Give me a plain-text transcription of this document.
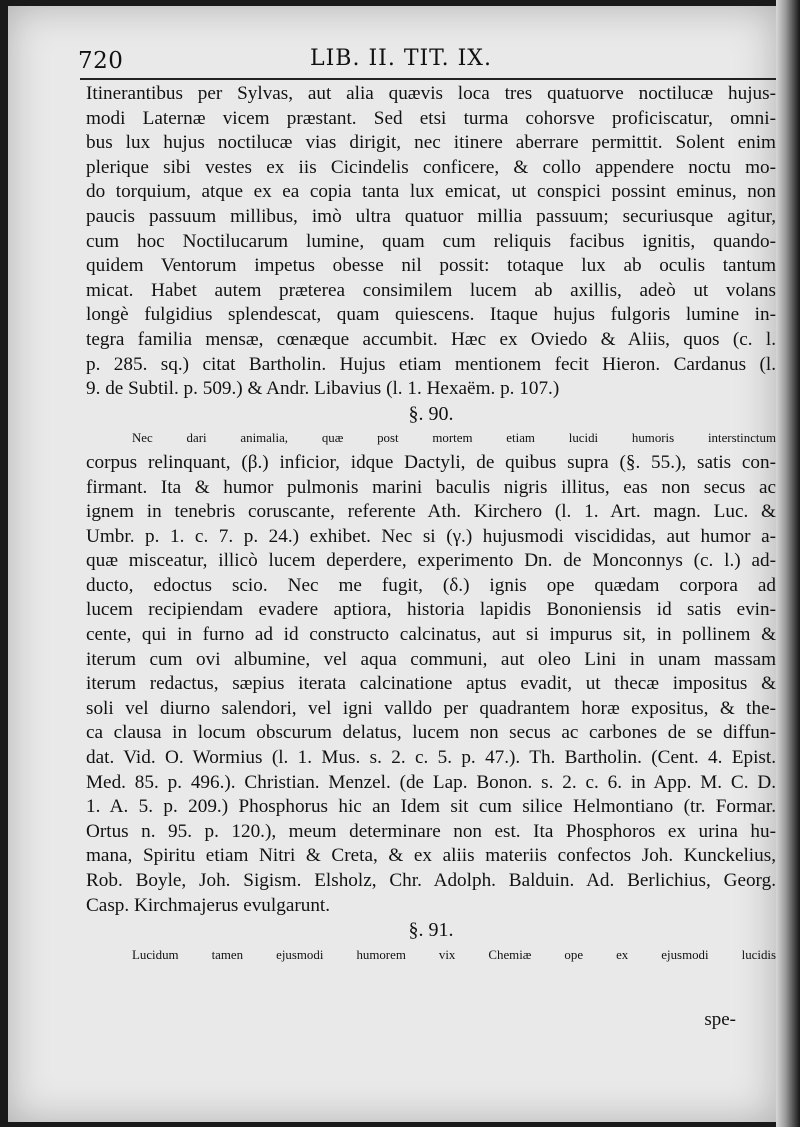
720	LIB. II. TIT. IX.
Itinerantibus per Sylvas, aut alia quævis loca tres quatuorve noctilucæ hujus-
modi Laternæ vicem præstant. Sed etsi turma cohorsve proficiscatur, omni-
bus lux hujus noctilucæ vias dirigit, nec itinere aberrare permittit. Solent enim
plerique sibi vestes ex iis Cicindelis conficere, & collo appendere noctu mo-
do torquium, atque ex ea copia tanta lux emicat, ut conspici possint eminus, non
paucis passuum millibus, imò ultra quatuor millia passuum; securiusque agitur,
cum hoc Noctilucarum lumine, quam cum reliquis facibus ignitis, quando-
quidem Ventorum impetus obesse nil possit: totaque lux ab oculis tantum
micat. Habet autem præterea consimilem lucem ab axillis, adeò ut volans
longè fulgidius splendescat, quam quiescens. Itaque hujus fulgoris lumine in-
tegra familia mensæ, cœnæque accumbit. Hæc ex Oviedo & Aliis, quos (c. l.
p. 285. sq.) citat Bartholin. Hujus etiam mentionem fecit Hieron. Cardanus (l.
9. de Subtil. p. 509.) & Andr. Libavius (l. 1. Hexaëm. p. 107.)
§. 90.
Nec dari animalia, quæ post mortem etiam lucidi humoris interstinctum
corpus relinquant, (β.) inficior, idque Dactyli, de quibus supra (§. 55.), satis con-
firmant. Ita & humor pulmonis marini baculis nigris illitus, eas non secus ac
ignem in tenebris coruscante, referente Ath. Kirchero (l. 1. Art. magn. Luc. &
Umbr. p. 1. c. 7. p. 24.) exhibet. Nec si (γ.) hujusmodi viscididas, aut humor a-
quæ misceatur, illicò lucem deperdere, experimento Dn. de Monconnys (c. l.) ad-
ducto, edoctus scio. Nec me fugit, (δ.) ignis ope quædam corpora ad
lucem recipiendam evadere aptiora, historia lapidis Bononiensis id satis evin-
cente, qui in furno ad id constructo calcinatus, aut si impurus sit, in pollinem &
iterum cum ovi albumine, vel aqua communi, aut oleo Lini in unam massam
iterum redactus, sæpius iterata calcinatione aptus evadit, ut thecæ impositus &
soli vel diurno salendori, vel igni valldo per quadrantem horæ expositus, & the-
ca clausa in locum obscurum delatus, lucem non secus ac carbones de se diffun-
dat. Vid. O. Wormius (l. 1. Mus. s. 2. c. 5. p. 47.). Th. Bartholin. (Cent. 4. Epist.
Med. 85. p. 496.). Christian. Menzel. (de Lap. Bonon. s. 2. c. 6. in App. M. C. D.
1. A. 5. p. 209.) Phosphorus hic an Idem sit cum silice Helmontiano (tr. Formar.
Ortus n. 95. p. 120.), meum determinare non est. Ita Phosphoros ex urina hu-
mana, Spiritu etiam Nitri & Creta, & ex aliis materiis confectos Joh. Kunckelius,
Rob. Boyle, Joh. Sigism. Elsholz, Chr. Adolph. Balduin. Ad. Berlichius, Georg.
Casp. Kirchmajerus evulgarunt.
§. 91.
Lucidum tamen ejusmodi humorem vix Chemiæ ope ex ejusmodi lucidis
spe-
